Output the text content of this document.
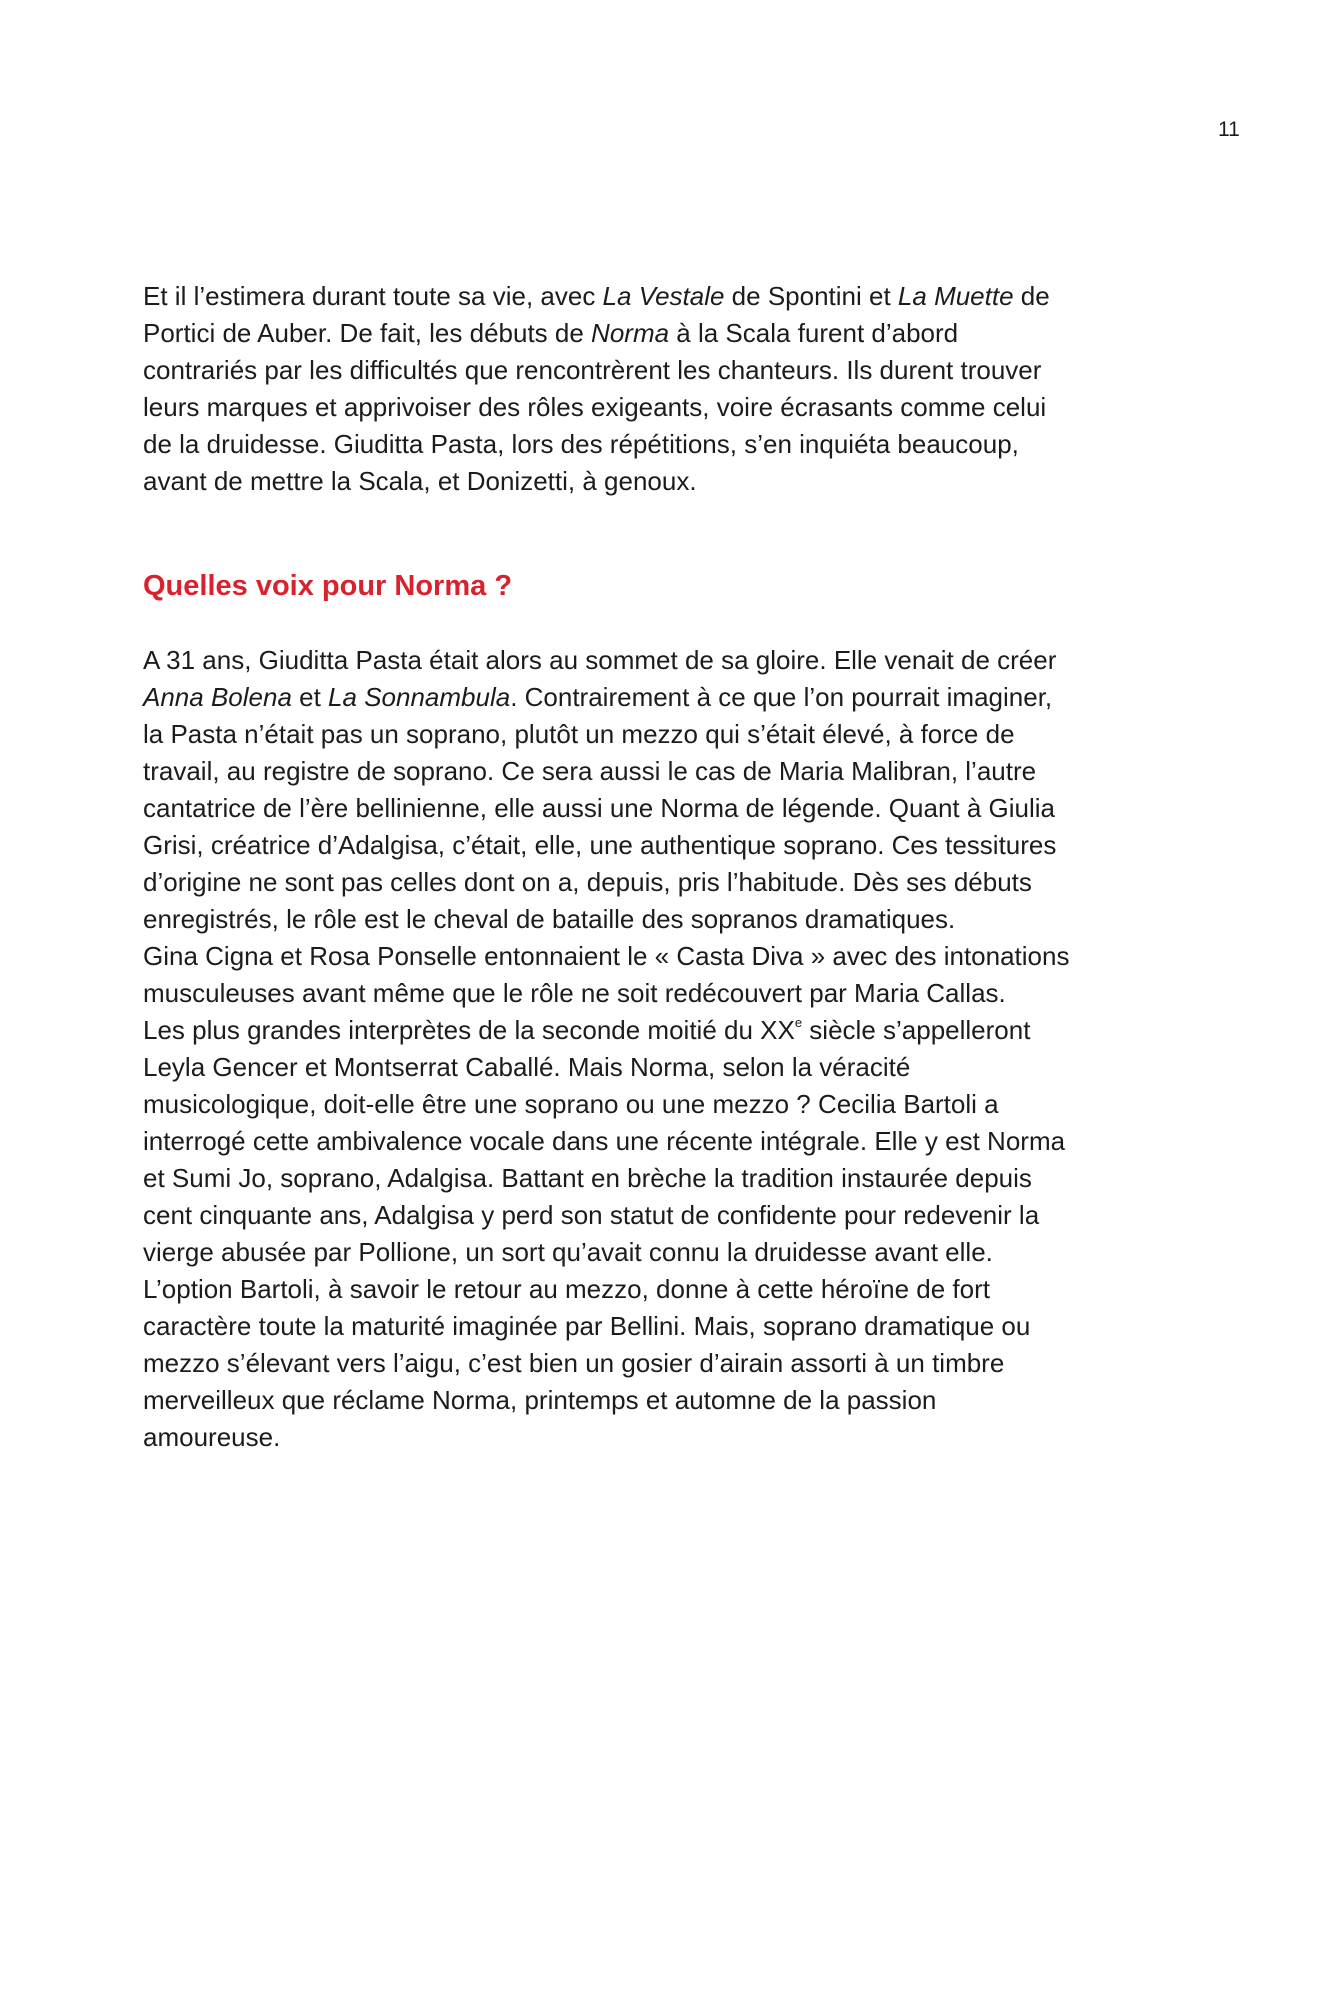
11

Et il l’estimera durant toute sa vie, avec La Vestale de Spontini et La Muette de
Portici de Auber. De fait, les débuts de Norma à la Scala furent d’abord
contrariés par les difficultés que rencontrèrent les chanteurs. Ils durent trouver
leurs marques et apprivoiser des rôles exigeants, voire écrasants comme celui
de la druidesse. Giuditta Pasta, lors des répétitions, s’en inquiéta beaucoup,
avant de mettre la Scala, et Donizetti, à genoux.

Quelles voix pour Norma ?

A 31 ans, Giuditta Pasta était alors au sommet de sa gloire. Elle venait de créer
Anna Bolena et La Sonnambula. Contrairement à ce que l’on pourrait imaginer,
la Pasta n’était pas un soprano, plutôt un mezzo qui s’était élevé, à force de
travail, au registre de soprano. Ce sera aussi le cas de Maria Malibran, l’autre
cantatrice de l’ère bellinienne, elle aussi une Norma de légende. Quant à Giulia
Grisi, créatrice d’Adalgisa, c’était, elle, une authentique soprano. Ces tessitures
d’origine ne sont pas celles dont on a, depuis, pris l’habitude. Dès ses débuts
enregistrés, le rôle est le cheval de bataille des sopranos dramatiques.
Gina Cigna et Rosa Ponselle entonnaient le « Casta Diva » avec des intonations
musculeuses avant même que le rôle ne soit redécouvert par Maria Callas.
Les plus grandes interprètes de la seconde moitié du XXe siècle s’appelleront
Leyla Gencer et Montserrat Caballé. Mais Norma, selon la véracité
musicologique, doit-elle être une soprano ou une mezzo ? Cecilia Bartoli a
interrogé cette ambivalence vocale dans une récente intégrale. Elle y est Norma
et Sumi Jo, soprano, Adalgisa. Battant en brèche la tradition instaurée depuis
cent cinquante ans, Adalgisa y perd son statut de confidente pour redevenir la
vierge abusée par Pollione, un sort qu’avait connu la druidesse avant elle.
L’option Bartoli, à savoir le retour au mezzo, donne à cette héroïne de fort
caractère toute la maturité imaginée par Bellini. Mais, soprano dramatique ou
mezzo s’élevant vers l’aigu, c’est bien un gosier d’airain assorti à un timbre
merveilleux que réclame Norma, printemps et automne de la passion
amoureuse.
